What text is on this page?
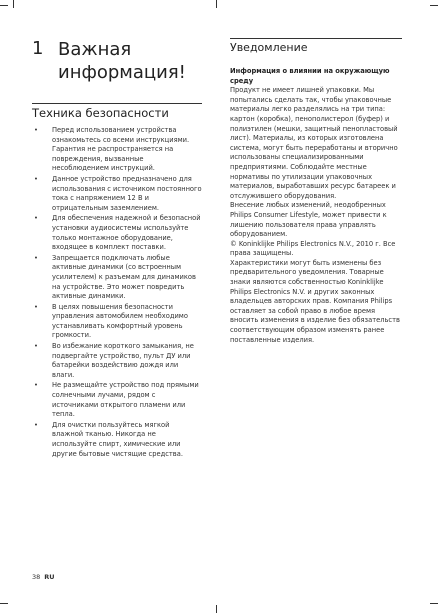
1 Важная
информация!
Техника безопасности
• Перед использованием устройства ознакомьтесь со всеми инструкциями. Гарантия не распространяется на повреждения, вызванные несоблюдением инструкций.
• Данное устройство предназначено для использования с источником постоянного тока с напряжением 12 В и отрицательным заземлением.
• Для обеспечения надежной и безопасной установки аудиосистемы используйте только монтажное оборудование, входящее в комплект поставки.
• Запрещается подключать любые активные динамики (со встроенным усилителем) к разъемам для динамиков на устройстве. Это может повредить активные динамики.
• В целях повышения безопасности управления автомобилем необходимо устанавливать комфортный уровень громкости.
• Во избежание короткого замыкания, не подвергайте устройство, пульт ДУ или батарейки воздействию дождя или влаги.
• Не размещайте устройство под прямыми солнечными лучами, рядом с источниками открытого пламени или тепла.
• Для очистки пользуйтесь мягкой влажной тканью. Никогда не используйте спирт, химические или другие бытовые чистящие средства.
Уведомление
Информация о влиянии на окружающую среду

Продукт не имеет лишней упаковки. Мы попытались сделать так, чтобы упаковочные материалы легко разделялись на три типа: картон (коробка), пенополистерол (буфер) и полиэтилен (мешки, защитный пенопластовый лист). Материалы, из которых изготовлена система, могут быть переработаны и вторично использованы специализированными предприятиями. Соблюдайте местные нормативы по утилизации упаковочных материалов, выработавших ресурс батареек и отслужившего оборудования.

Внесение любых изменений, неодобренных Philips Consumer Lifestyle, может привести к лишению пользователя права управлять оборудованием.

© Koninklijke Philips Electronics N.V., 2010 г. Все права защищены.

Характеристики могут быть изменены без предварительного уведомления. Товарные знаки являются собственностью Koninklijke Philips Electronics N.V. и других законных владельцев авторских прав. Компания Philips оставляет за собой право в любое время вносить изменения в изделие без обязательств соответствующим образом изменять ранее поставленные изделия.

38 RU
